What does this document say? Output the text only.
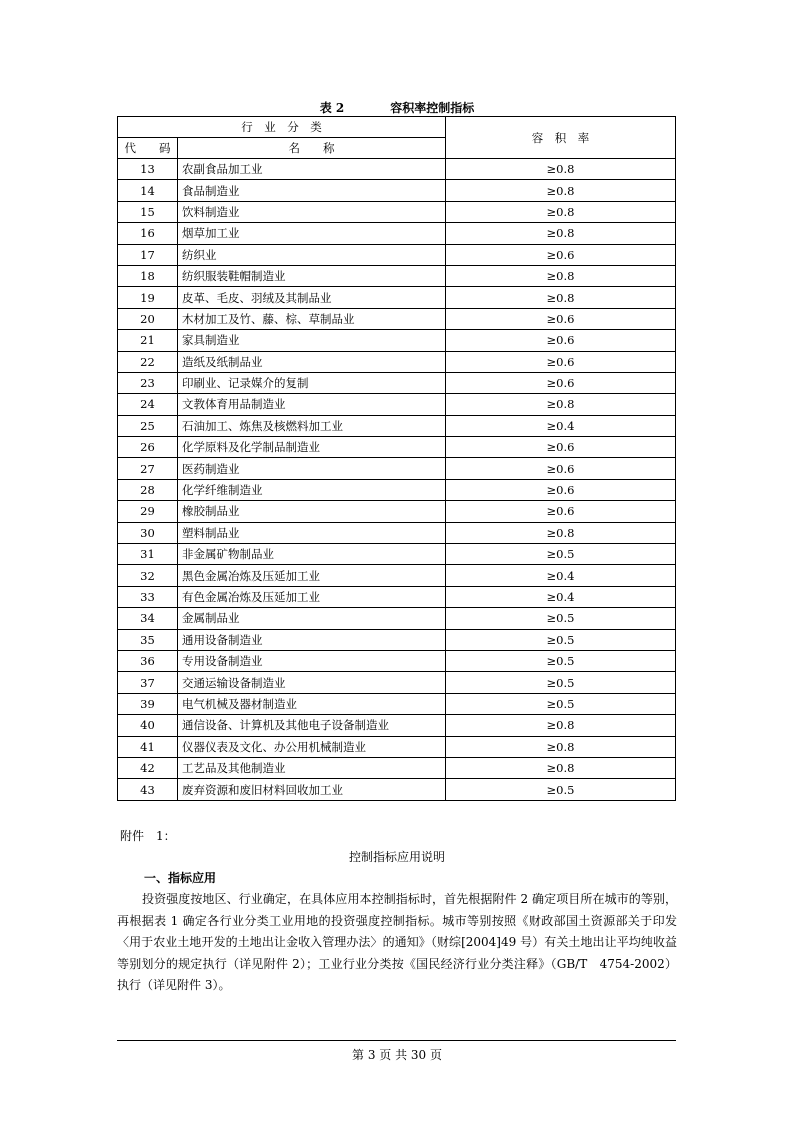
表 2	容积率控制指标
行　业　分　类		容　积　率
代　　码	名　　称	
13	农副食品加工业	≥0.8
14	食品制造业	≥0.8
15	饮料制造业	≥0.8
16	烟草加工业	≥0.8
17	纺织业	≥0.6
18	纺织服装鞋帽制造业	≥0.8
19	皮革、毛皮、羽绒及其制品业	≥0.8
20	木材加工及竹、藤、棕、草制品业	≥0.6
21	家具制造业	≥0.6
22	造纸及纸制品业	≥0.6
23	印刷业、记录媒介的复制	≥0.6
24	文教体育用品制造业	≥0.8
25	石油加工、炼焦及核燃料加工业	≥0.4
26	化学原料及化学制品制造业	≥0.6
27	医药制造业	≥0.6
28	化学纤维制造业	≥0.6
29	橡胶制品业	≥0.6
30	塑料制品业	≥0.8
31	非金属矿物制品业	≥0.5
32	黑色金属冶炼及压延加工业	≥0.4
33	有色金属冶炼及压延加工业	≥0.4
34	金属制品业	≥0.5
35	通用设备制造业	≥0.5
36	专用设备制造业	≥0.5
37	交通运输设备制造业	≥0.5
39	电气机械及器材制造业	≥0.5
40	通信设备、计算机及其他电子设备制造业	≥0.8
41	仪器仪表及文化、办公用机械制造业	≥0.8
42	工艺品及其他制造业	≥0.8
43	废弃资源和废旧材料回收加工业	≥0.5
附件　1：
控制指标应用说明
一、指标应用
投资强度按地区、行业确定，在具体应用本控制指标时，首先根据附件 2 确定项目所在城市的等别，再根据表 1 确定各行业分类工业用地的投资强度控制指标。城市等别按照《财政部国土资源部关于印发〈用于农业土地开发的土地出让金收入管理办法〉的通知》（财综[2004]49 号）有关土地出让平均纯收益等别划分的规定执行（详见附件 2）；工业行业分类按《国民经济行业分类注释》（GB/T　4754-2002）执行（详见附件 3）。
第 3 页 共 30 页
